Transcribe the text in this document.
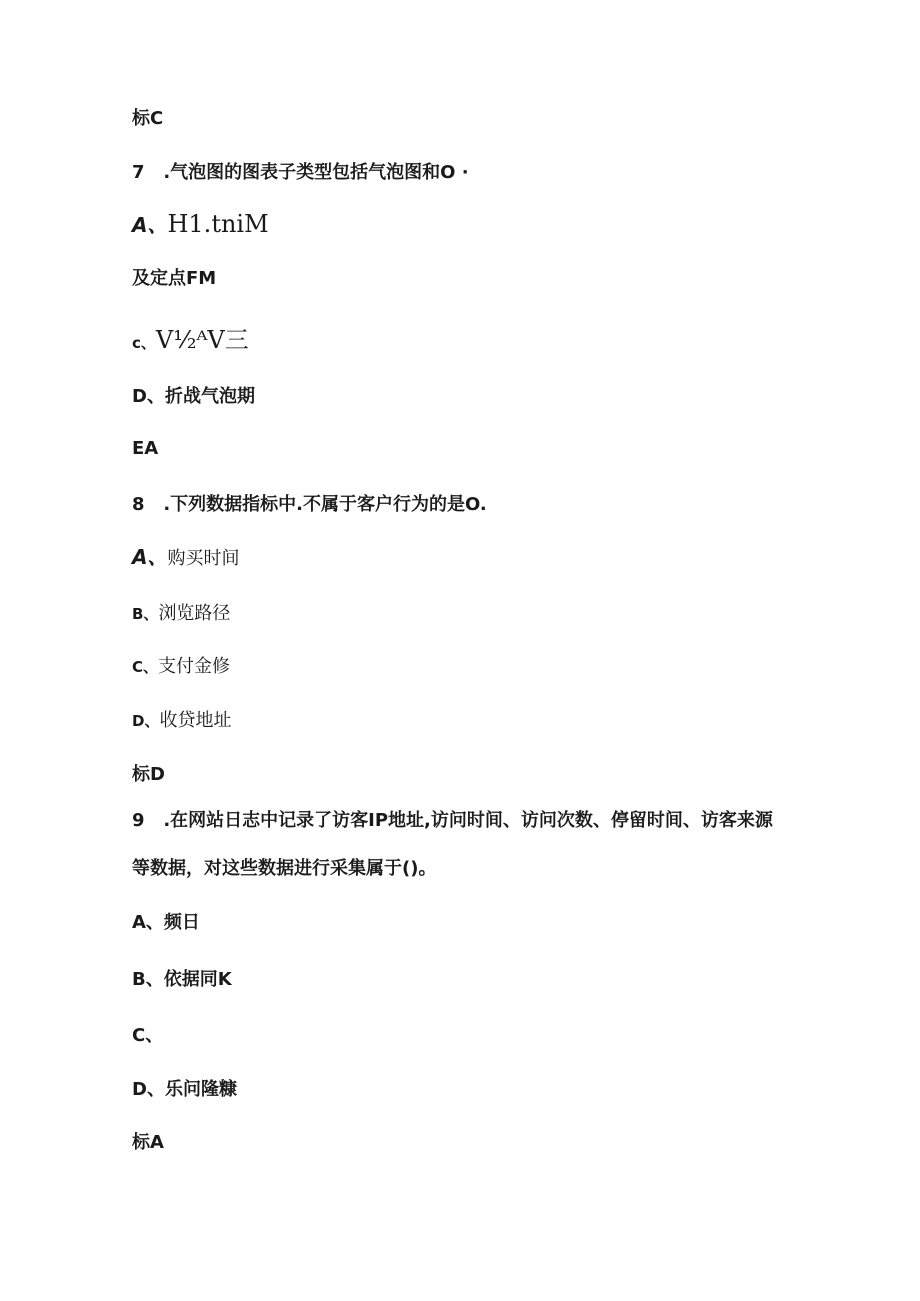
标C
7   .气泡图的图表子类型包括气泡图和O ·
A、H1.tniM
及定点FM
c、V½ᴬV三
D、折战气泡期
EA
8   .下列数据指标中.不属于客户行为的是O.
A、购买时间
B、浏览路径
C、支付金修
D、收贷地址
标D
9   .在网站日志中记录了访客IP地址,访问时间、访问次数、停留时间、访客来源
等数据，对这些数据进行采集属于()。
A、频日
B、依据同K
C、
D、乐问隆糠
标A
